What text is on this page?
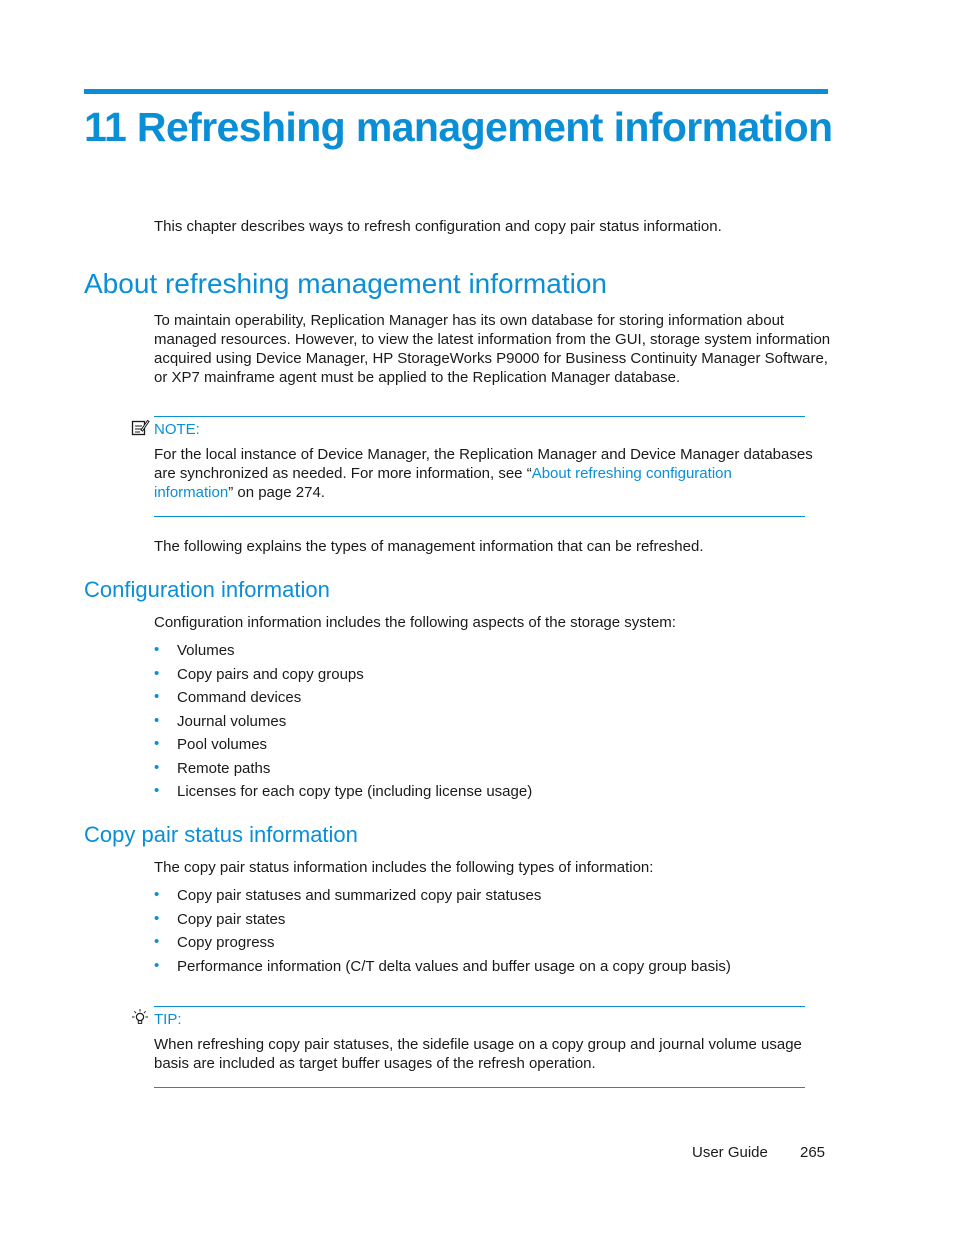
11 Refreshing management information
This chapter describes ways to refresh configuration and copy pair status information.
About refreshing management information
To maintain operability, Replication Manager has its own database for storing information about
managed resources. However, to view the latest information from the GUI, storage system information
acquired using Device Manager, HP StorageWorks P9000 for Business Continuity Manager Software,
or XP7 mainframe agent must be applied to the Replication Manager database.
NOTE:
For the local instance of Device Manager, the Replication Manager and Device Manager databases
are synchronized as needed. For more information, see “About refreshing configuration
information” on page 274.
The following explains the types of management information that can be refreshed.
Configuration information
Configuration information includes the following aspects of the storage system:
• Volumes
• Copy pairs and copy groups
• Command devices
• Journal volumes
• Pool volumes
• Remote paths
• Licenses for each copy type (including license usage)
Copy pair status information
The copy pair status information includes the following types of information:
• Copy pair statuses and summarized copy pair statuses
• Copy pair states
• Copy progress
• Performance information (C/T delta values and buffer usage on a copy group basis)
TIP:
When refreshing copy pair statuses, the sidefile usage on a copy group and journal volume usage
basis are included as target buffer usages of the refresh operation.
User Guide 265
